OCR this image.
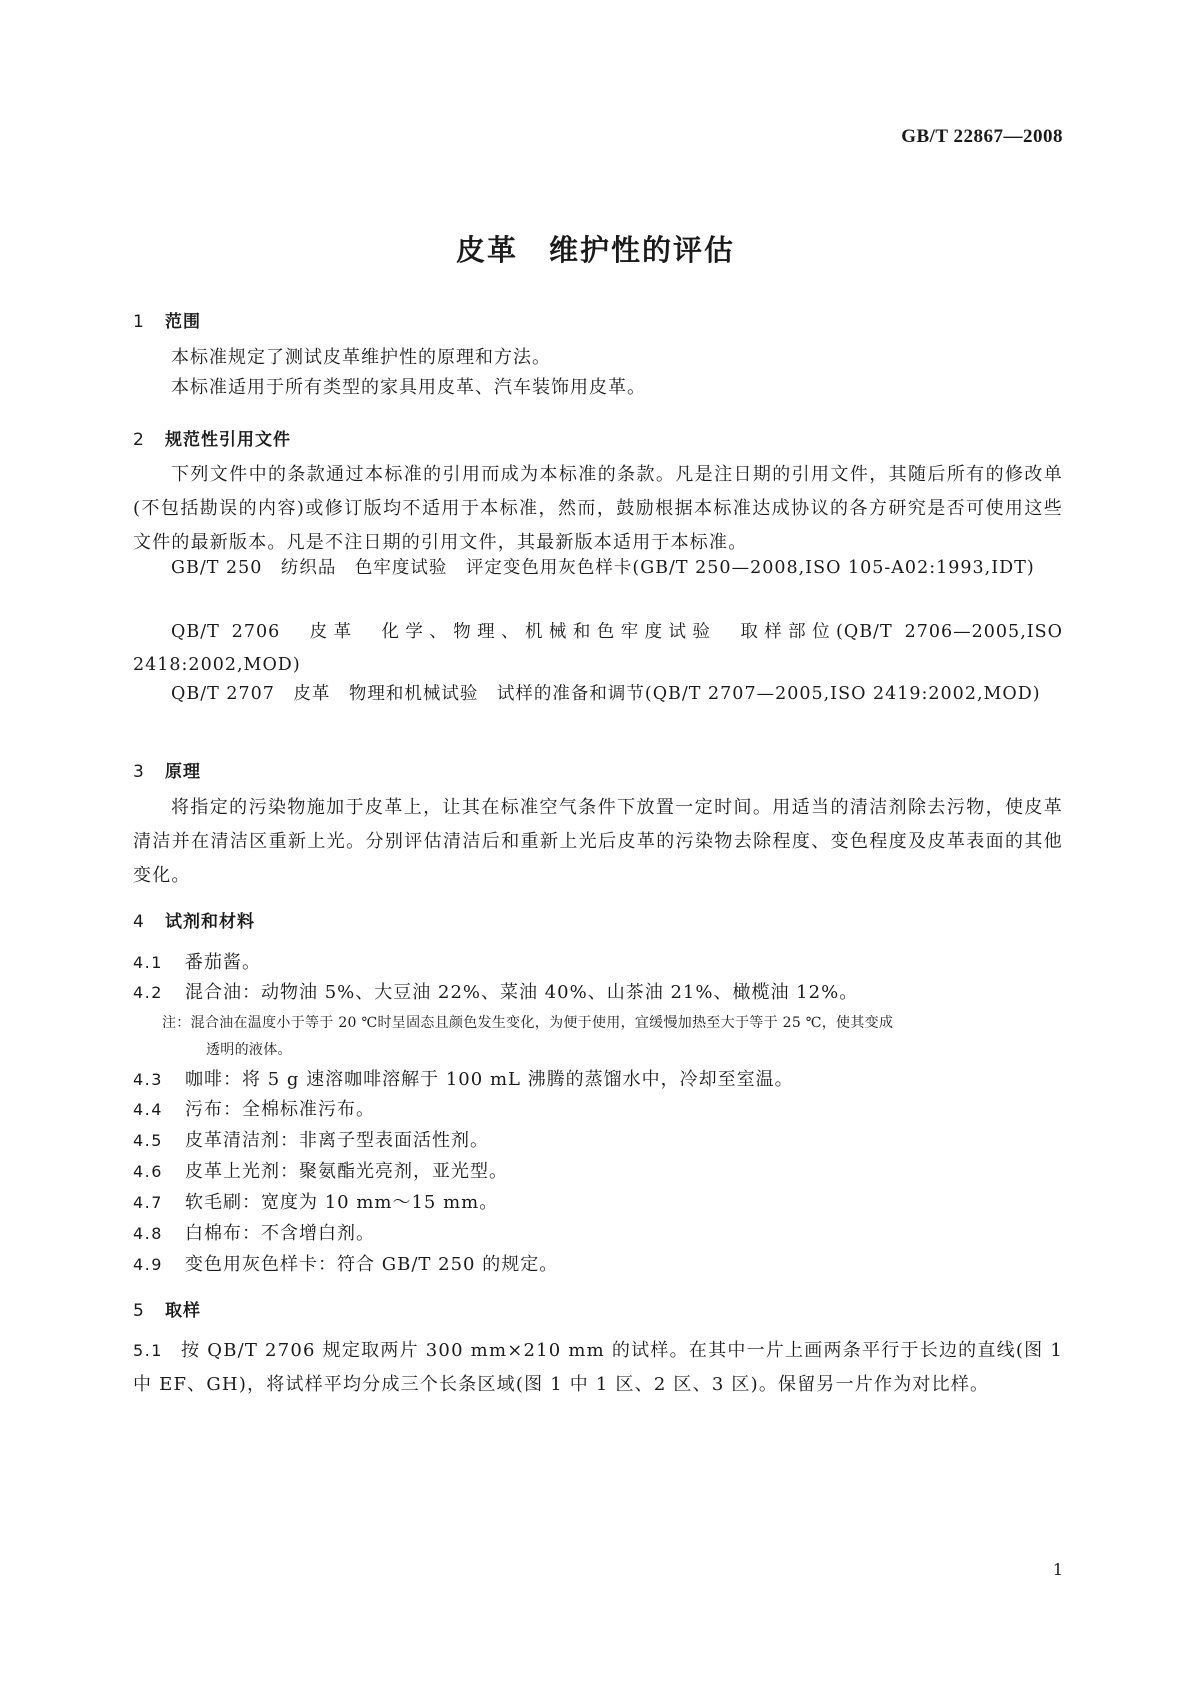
GB/T 22867—2008
皮革　维护性的评估
1 范围
本标准规定了测试皮革维护性的原理和方法。
本标准适用于所有类型的家具用皮革、汽车装饰用皮革。
2 规范性引用文件
下列文件中的条款通过本标准的引用而成为本标准的条款。凡是注日期的引用文件，其随后所有的修改单(不包括勘误的内容)或修订版均不适用于本标准，然而，鼓励根据本标准达成协议的各方研究是否可使用这些文件的最新版本。凡是不注日期的引用文件，其最新版本适用于本标准。
GB/T 250　纺织品　色牢度试验　评定变色用灰色样卡(GB/T 250—2008,ISO 105-A02:1993,IDT)
QB/T 2706　皮革　化学、物理、机械和色牢度试验　取样部位(QB/T 2706—2005,ISO 2418:2002,MOD)
QB/T 2707　皮革　物理和机械试验　试样的准备和调节(QB/T 2707—2005,ISO 2419:2002,MOD)
3 原理
将指定的污染物施加于皮革上，让其在标准空气条件下放置一定时间。用适当的清洁剂除去污物，使皮革清洁并在清洁区重新上光。分别评估清洁后和重新上光后皮革的污染物去除程度、变色程度及皮革表面的其他变化。
4 试剂和材料
4.1 番茄酱。
4.2 混合油：动物油 5%、大豆油 22%、菜油 40%、山茶油 21%、橄榄油 12%。
注：混合油在温度小于等于 20 ℃时呈固态且颜色发生变化，为便于使用，宜缓慢加热至大于等于 25 ℃，使其变成
透明的液体。
4.3 咖啡：将 5 g 速溶咖啡溶解于 100 mL 沸腾的蒸馏水中，冷却至室温。
4.4 污布：全棉标准污布。
4.5 皮革清洁剂：非离子型表面活性剂。
4.6 皮革上光剂：聚氨酯光亮剂，亚光型。
4.7 软毛刷：宽度为 10 mm～15 mm。
4.8 白棉布：不含增白剂。
4.9 变色用灰色样卡：符合 GB/T 250 的规定。
5 取样
5.1 按 QB/T 2706 规定取两片 300 mm×210 mm 的试样。在其中一片上画两条平行于长边的直线(图 1 中 EF、GH)，将试样平均分成三个长条区域(图 1 中 1 区、2 区、3 区)。保留另一片作为对比样。
1
